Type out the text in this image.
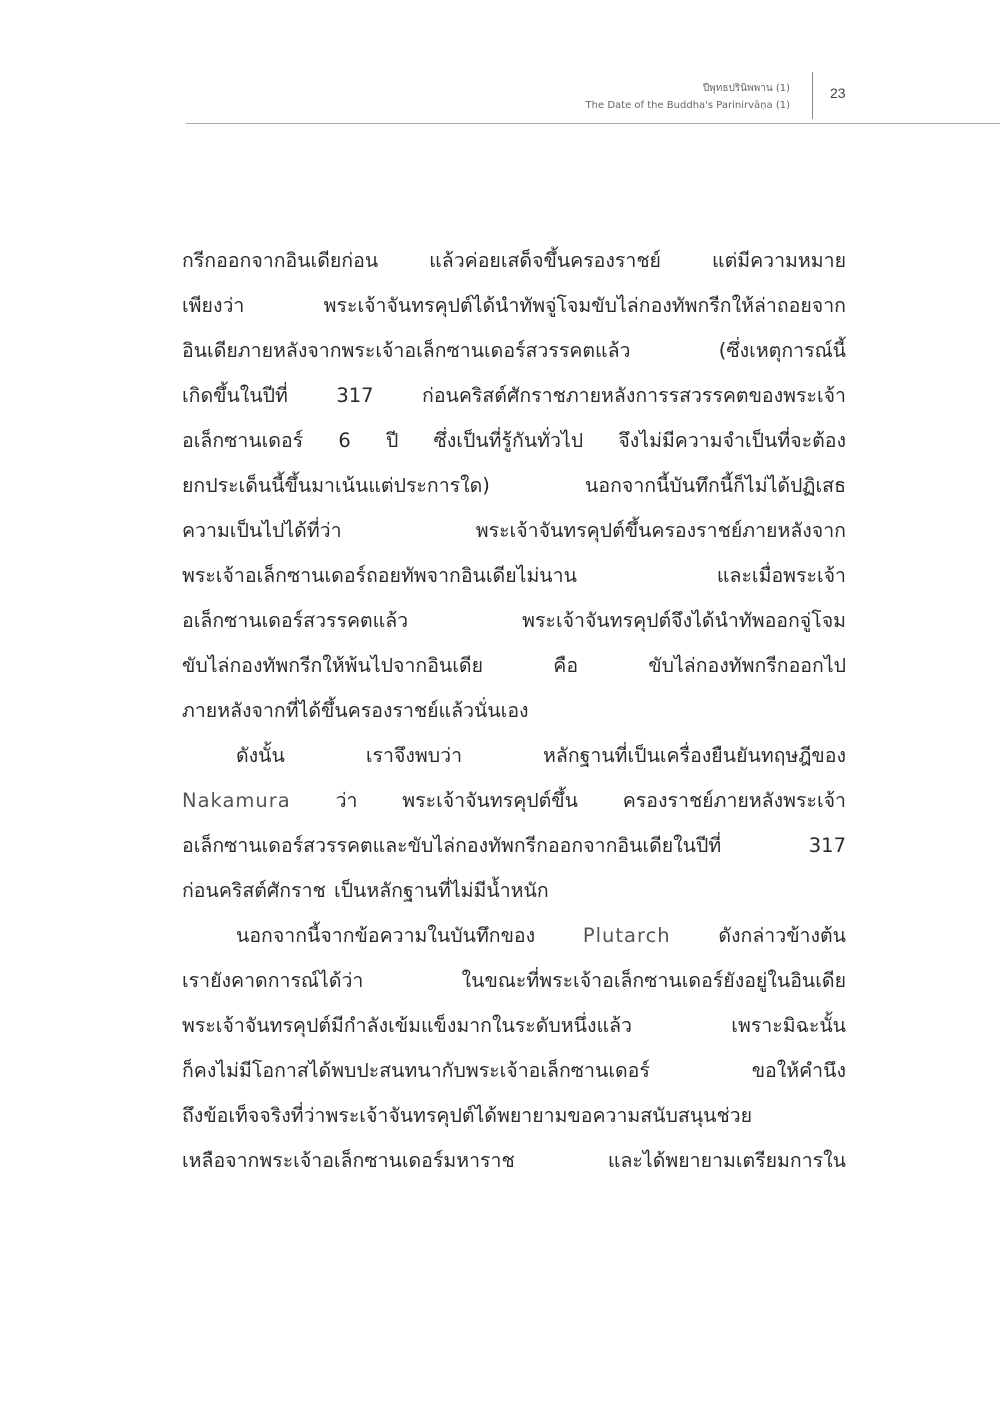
ปีพุทธปรินิพพาน (1)
The Date of the Buddha's Parinirvāṇa (1)
23
กรีกออกจากอินเดียก่อน แล้วค่อยเสด็จขึ้นครองราชย์ แต่มีความหมาย
เพียงว่า พระเจ้าจันทรคุปต์ได้นำทัพจู่โจมขับไล่กองทัพกรีกให้ล่าถอยจาก
อินเดียภายหลังจากพระเจ้าอเล็กซานเดอร์สวรรคตแล้ว (ซึ่งเหตุการณ์นี้
เกิดขึ้นในปีที่ 317 ก่อนคริสต์ศักราชภายหลังการรสวรรคตของพระเจ้า
อเล็กซานเดอร์ 6 ปี ซึ่งเป็นที่รู้กันทั่วไป จึงไม่มีความจำเป็นที่จะต้อง
ยกประเด็นนี้ขึ้นมาเน้นแต่ประการใด) นอกจากนี้บันทึกนี้ก็ไม่ได้ปฏิเสธ
ความเป็นไปได้ที่ว่า พระเจ้าจันทรคุปต์ขึ้นครองราชย์ภายหลังจาก
พระเจ้าอเล็กซานเดอร์ถอยทัพจากอินเดียไม่นาน และเมื่อพระเจ้า
อเล็กซานเดอร์สวรรคตแล้ว พระเจ้าจันทรคุปต์จึงได้นำทัพออกจู่โจม
ขับไล่กองทัพกรีกให้พ้นไปจากอินเดีย คือ ขับไล่กองทัพกรีกออกไป
ภายหลังจากที่ได้ขึ้นครองราชย์แล้วนั่นเอง
ดังนั้น เราจึงพบว่า หลักฐานที่เป็นเครื่องยืนยันทฤษฎีของ
Nakamura ว่า พระเจ้าจันทรคุปต์ขึ้น ครองราชย์ภายหลังพระเจ้า
อเล็กซานเดอร์สวรรคตและขับไล่กองทัพกรีกออกจากอินเดียในปีที่ 317
ก่อนคริสต์ศักราช เป็นหลักฐานที่ไม่มีน้ำหนัก
นอกจากนี้จากข้อความในบันทึกของ Plutarch ดังกล่าวข้างต้น
เรายังคาดการณ์ได้ว่า ในขณะที่พระเจ้าอเล็กซานเดอร์ยังอยู่ในอินเดีย
พระเจ้าจันทรคุปต์มีกำลังเข้มแข็งมากในระดับหนึ่งแล้ว เพราะมิฉะนั้น
ก็คงไม่มีโอกาสได้พบปะสนทนากับพระเจ้าอเล็กซานเดอร์ ขอให้คำนึง
ถึงข้อเท็จจริงที่ว่าพระเจ้าจันทรคุปต์ได้พยายามขอความสนับสนุนช่วย
เหลือจากพระเจ้าอเล็กซานเดอร์มหาราช และได้พยายามเตรียมการใน
